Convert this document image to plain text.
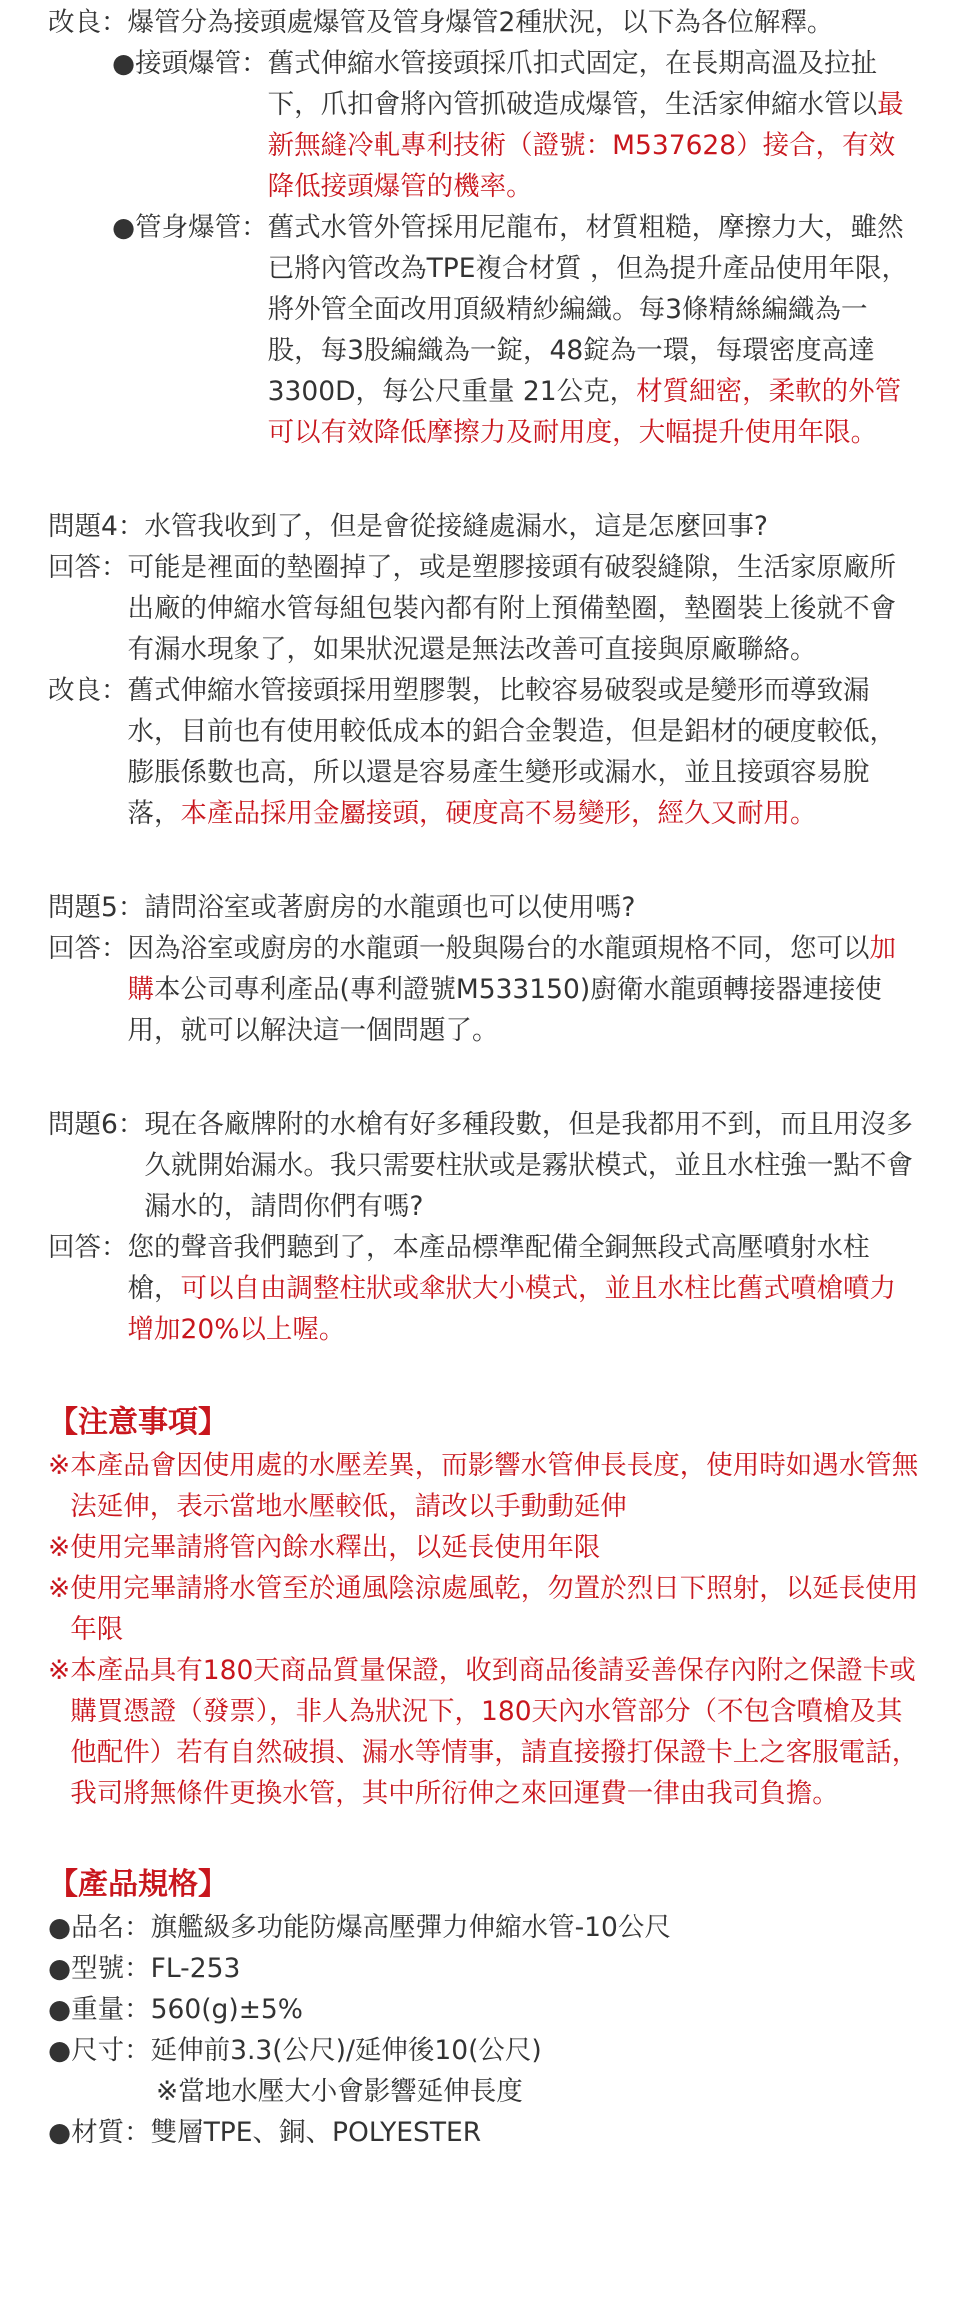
改良： 爆管分為接頭處爆管及管身爆管2種狀況，以下為各位解釋。
●接頭爆管： 舊式伸縮水管接頭採爪扣式固定，在長期高溫及拉扯下，爪扣會將內管抓破造成爆管，生活家伸縮水管以最新無縫冷軋專利技術（證號：M537628）接合，有效降低接頭爆管的機率。
●管身爆管： 舊式水管外管採用尼龍布，材質粗糙，摩擦力大，雖然已將內管改為TPE複合材質 ，但為提升產品使用年限，將外管全面改用頂級精紗編織。每3條精絲編織為一股，每3股編織為一錠，48錠為一環，每環密度高達 3300D，每公尺重量 21公克，材質細密，柔軟的外管可以有效降低摩擦力及耐用度，大幅提升使用年限。
問題4： 水管我收到了，但是會從接縫處漏水，這是怎麼回事?
回答： 可能是裡面的墊圈掉了，或是塑膠接頭有破裂縫隙，生活家原廠所出廠的伸縮水管每組包裝內都有附上預備墊圈，墊圈裝上後就不會有漏水現象了，如果狀況還是無法改善可直接與原廠聯絡。
改良： 舊式伸縮水管接頭採用塑膠製，比較容易破裂或是變形而導致漏水，目前也有使用較低成本的鋁合金製造，但是鋁材的硬度較低，膨脹係數也高，所以還是容易產生變形或漏水，並且接頭容易脫落，本產品採用金屬接頭，硬度高不易變形，經久又耐用。
問題5： 請問浴室或著廚房的水龍頭也可以使用嗎?
回答： 因為浴室或廚房的水龍頭一般與陽台的水龍頭規格不同，您可以加購本公司專利產品(專利證號M533150)廚衛水龍頭轉接器連接使用，就可以解決這一個問題了。
問題6： 現在各廠牌附的水槍有好多種段數，但是我都用不到，而且用沒多久就開始漏水。我只需要柱狀或是霧狀模式，並且水柱強一點不會漏水的，請問你們有嗎?
回答： 您的聲音我們聽到了，本產品標準配備全銅無段式高壓噴射水柱槍，可以自由調整柱狀或傘狀大小模式，並且水柱比舊式噴槍噴力增加20%以上喔。
【注意事項】
※ 本產品會因使用處的水壓差異，而影響水管伸長長度，使用時如遇水管無法延伸，表示當地水壓較低，請改以手動動延伸
※ 使用完畢請將管內餘水釋出，以延長使用年限
※ 使用完畢請將水管至於通風陰涼處風乾，勿置於烈日下照射，以延長使用年限
※ 本產品具有180天商品質量保證，收到商品後請妥善保存內附之保證卡或購買憑證（發票），非人為狀況下，180天內水管部分（不包含噴槍及其他配件）若有自然破損、漏水等情事，請直接撥打保證卡上之客服電話，我司將無條件更換水管，其中所衍伸之來回運費一律由我司負擔。
【產品規格】
●品名： 旗艦級多功能防爆高壓彈力伸縮水管-10公尺
●型號： FL-253
●重量： 560(g)±5%
●尺寸： 延伸前3.3(公尺)/延伸後10(公尺)
※當地水壓大小會影響延伸長度
●材質： 雙層TPE、銅、POLYESTER
